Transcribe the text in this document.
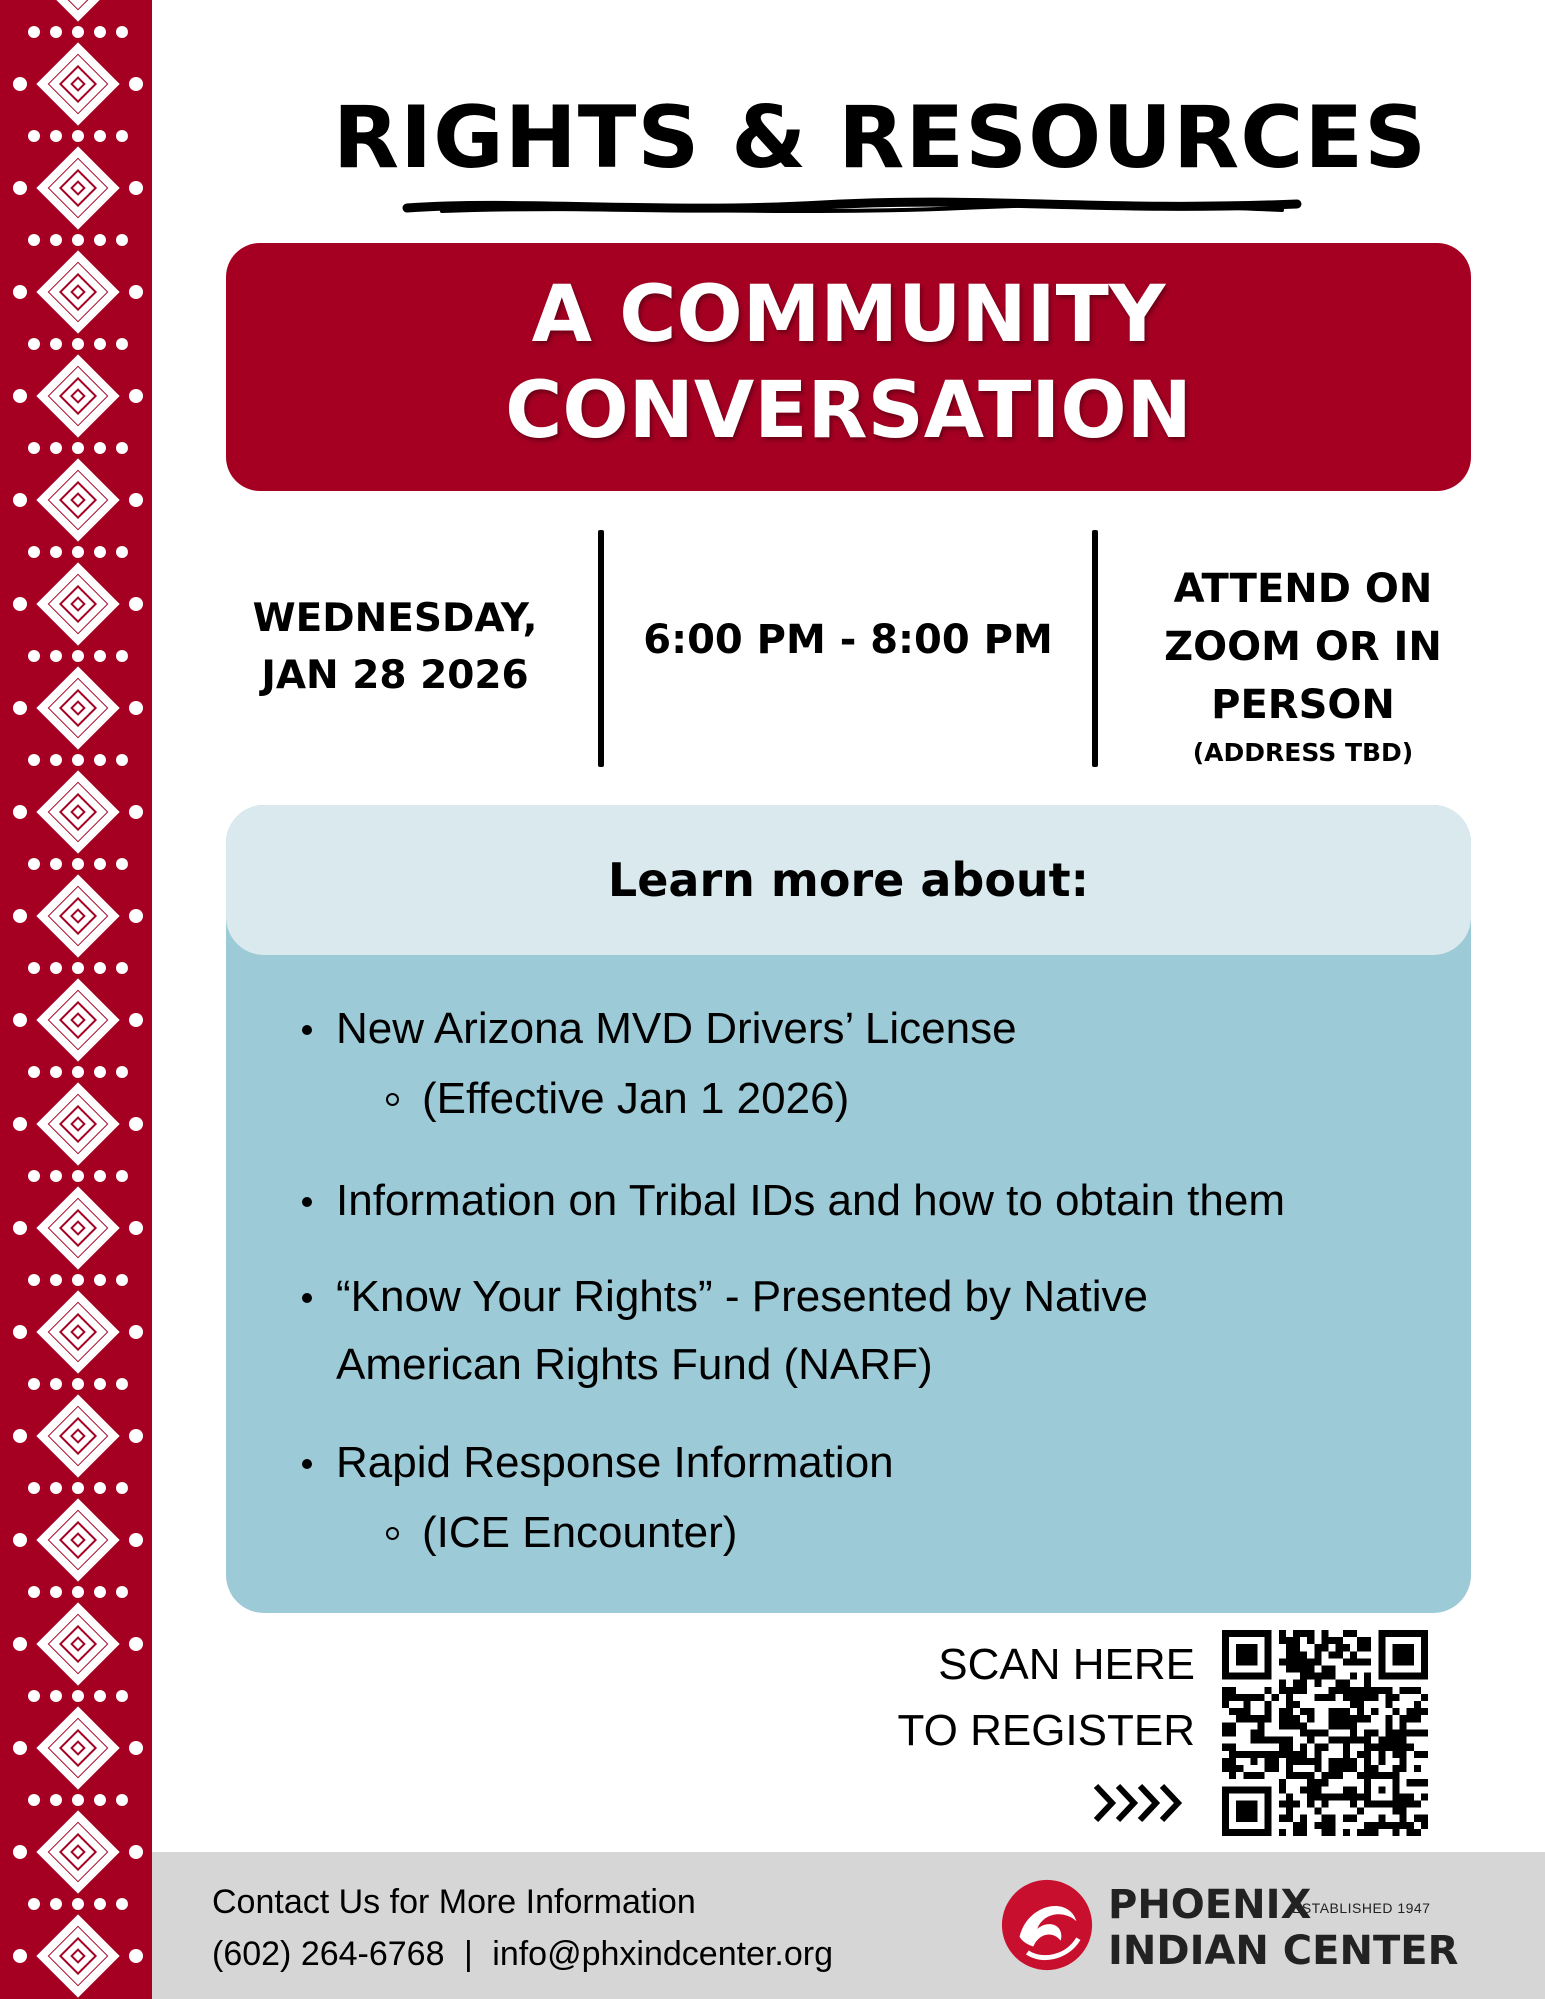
RIGHTS & RESOURCES
A COMMUNITY
CONVERSATION
WEDNESDAY,
JAN 28 2026
6:00 PM - 8:00 PM
ATTEND ON
ZOOM OR IN
PERSON
(ADDRESS TBD)
Learn more about:
New Arizona MVD Drivers’ License
(Effective Jan 1 2026)
Information on Tribal IDs and how to obtain them
“Know Your Rights” - Presented by Native
American Rights Fund (NARF)
Rapid Response Information
(ICE Encounter)
SCAN HERE
TO REGISTER
Contact Us for More Information
(602) 264-6768 | info@phxindcenter.org
PHOENIX
ESTABLISHED 1947
INDIAN CENTER
